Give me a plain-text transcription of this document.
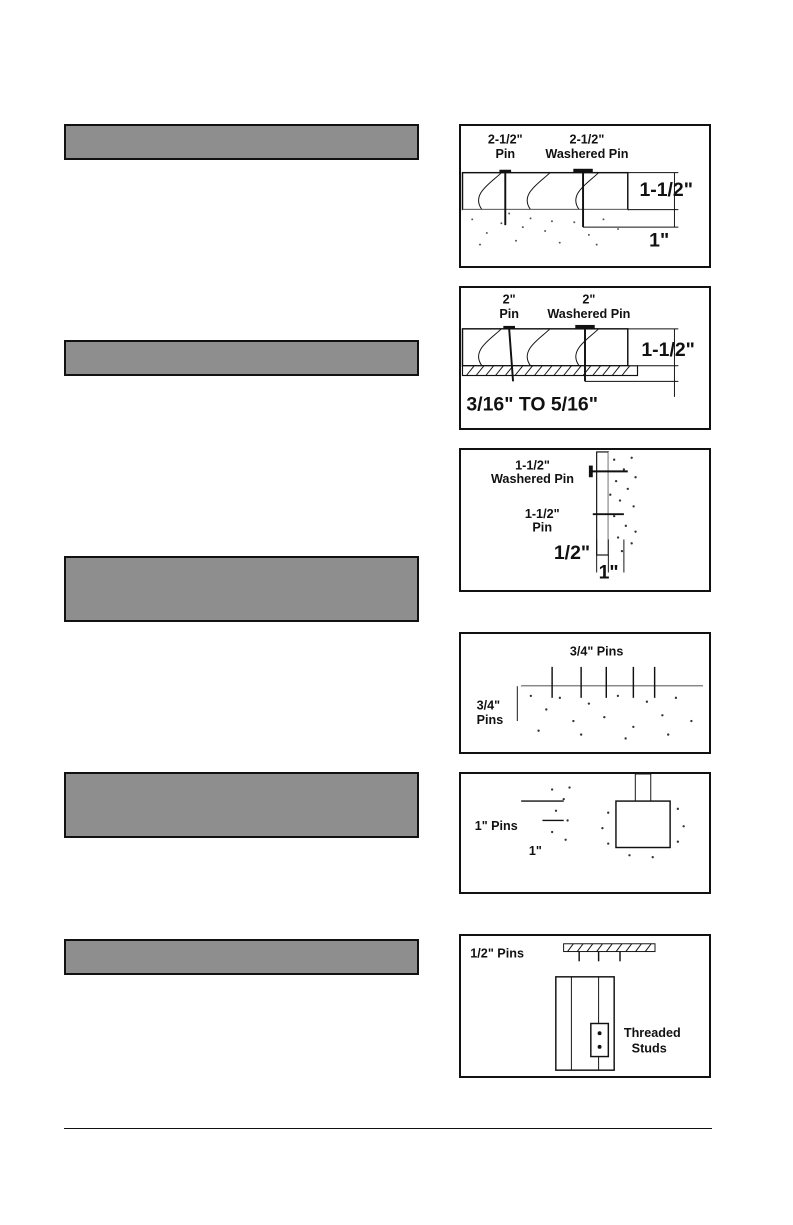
2-1/2"
Pin
2-1/2"
Washered Pin
1-1/2"
1"
2"
Pin
2"
Washered Pin
1-1/2"
3/16" TO 5/16"
1-1/2"
Washered Pin
1-1/2"
Pin
1/2"
1"
3/4" Pins
3/4"
Pins
1" Pins
1"
1/2" Pins
Threaded
Studs
